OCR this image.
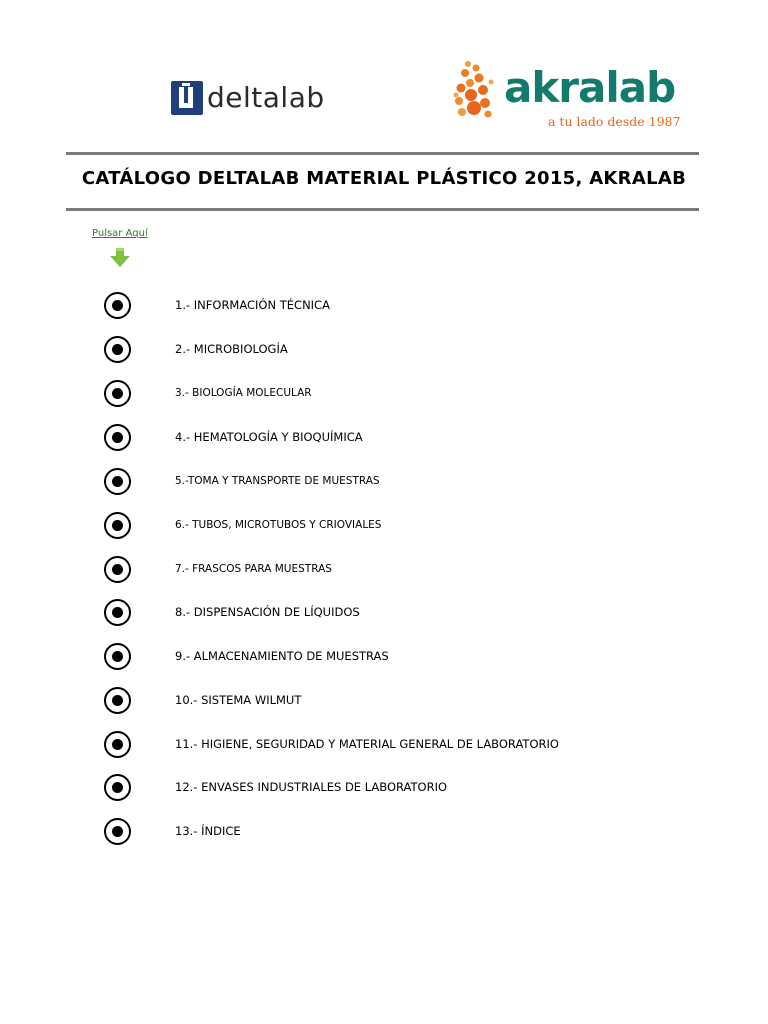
deltalab	akralab
a tu lado desde 1987
CATÁLOGO DELTALAB MATERIAL PLÁSTICO 2015, AKRALAB
Pulsar Aquí
1.- INFORMACIÓN TÉCNICA
2.- MICROBIOLOGÍA
3.- BIOLOGÍA MOLECULAR
4.- HEMATOLOGÍA Y BIOQUÍMICA
5.-TOMA Y TRANSPORTE DE MUESTRAS
6.- TUBOS, MICROTUBOS Y CRIOVIALES
7.- FRASCOS PARA MUESTRAS
8.- DISPENSACIÓN DE LÍQUIDOS
9.- ALMACENAMIENTO DE MUESTRAS
10.- SISTEMA WILMUT
11.- HIGIENE, SEGURIDAD Y MATERIAL GENERAL DE LABORATORIO
12.- ENVASES INDUSTRIALES DE LABORATORIO
13.- ÍNDICE
